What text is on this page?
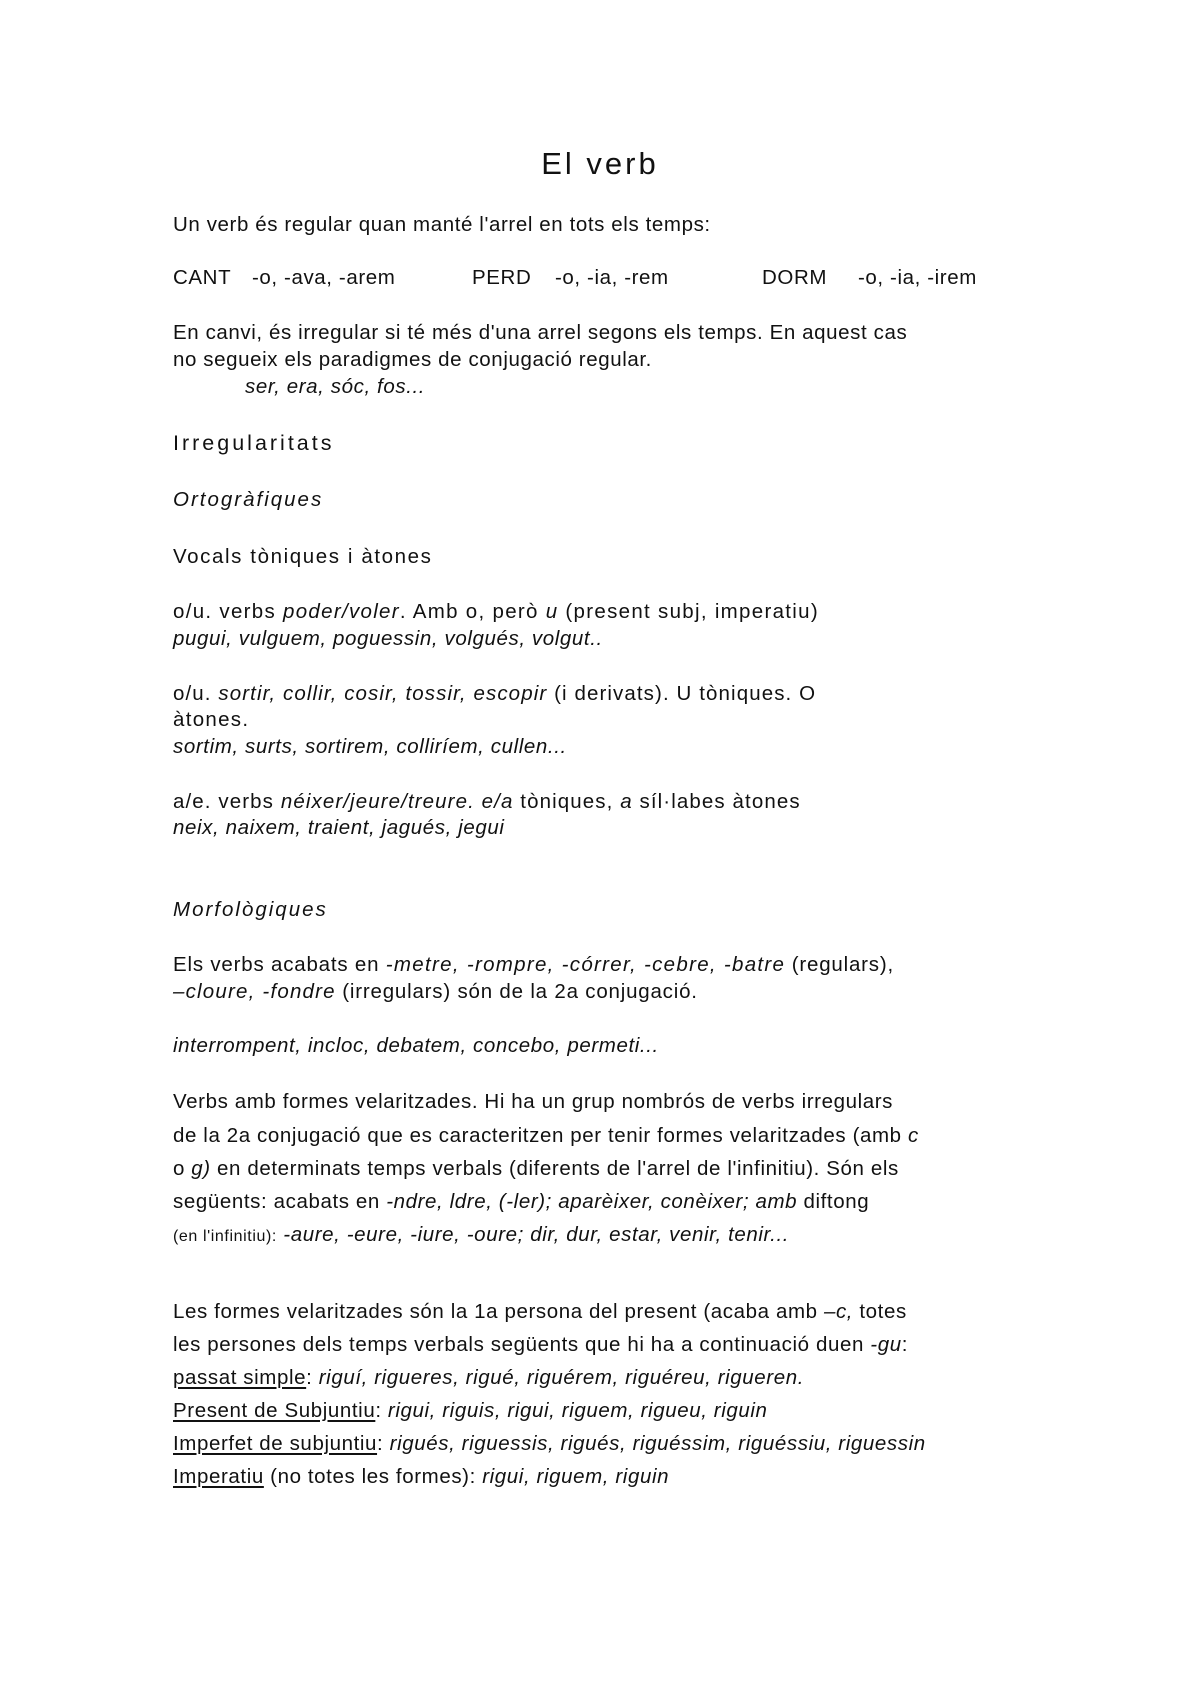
El verb
Un verb és regular quan manté l'arrel en tots els temps:
CANT -o, -ava, -arem	PERD -o, -ia, -rem	DORM -o, -ia, -irem
En canvi, és irregular si té més d'una arrel segons els temps. En aquest cas
no segueix els paradigmes de conjugació regular.
ser, era, sóc, fos...
Irregularitats
Ortogràfiques
Vocals tòniques i àtones
o/u. verbs poder/voler. Amb o, però u (present subj, imperatiu)
pugui, vulguem, poguessin, volgués, volgut..
o/u. sortir, collir, cosir, tossir, escopir (i derivats). U tòniques. O
àtones.
sortim, surts, sortirem, colliríem, cullen...
a/e. verbs néixer/jeure/treure. e/a tòniques, a síl·labes àtones
neix, naixem, traient, jagués, jegui
Morfològiques
Els verbs acabats en -metre, -rompre, -córrer, -cebre, -batre (regulars),
–cloure, -fondre (irregulars) són de la 2a conjugació.
interrompent, incloc, debatem, concebo, permeti...
Verbs amb formes velaritzades. Hi ha un grup nombrós de verbs irregulars
de la 2a conjugació que es caracteritzen per tenir formes velaritzades (amb c
o g) en determinats temps verbals (diferents de l'arrel de l'infinitiu). Són els
següents: acabats en -ndre, ldre, (-ler); aparèixer, conèixer; amb diftong
(en l'infinitiu): -aure, -eure, -iure, -oure; dir, dur, estar, venir, tenir...
Les formes velaritzades són la 1a persona del present (acaba amb –c, totes
les persones dels temps verbals següents que hi ha a continuació duen -gu:
passat simple: riguí, rigueres, rigué, riguérem, riguéreu, rigueren.
Present de Subjuntiu: rigui, riguis, rigui, riguem, rigueu, riguin
Imperfet de subjuntiu: rigués, riguessis, rigués, riguéssim, riguéssiu, riguessin
Imperatiu (no totes les formes): rigui, riguem, riguin
